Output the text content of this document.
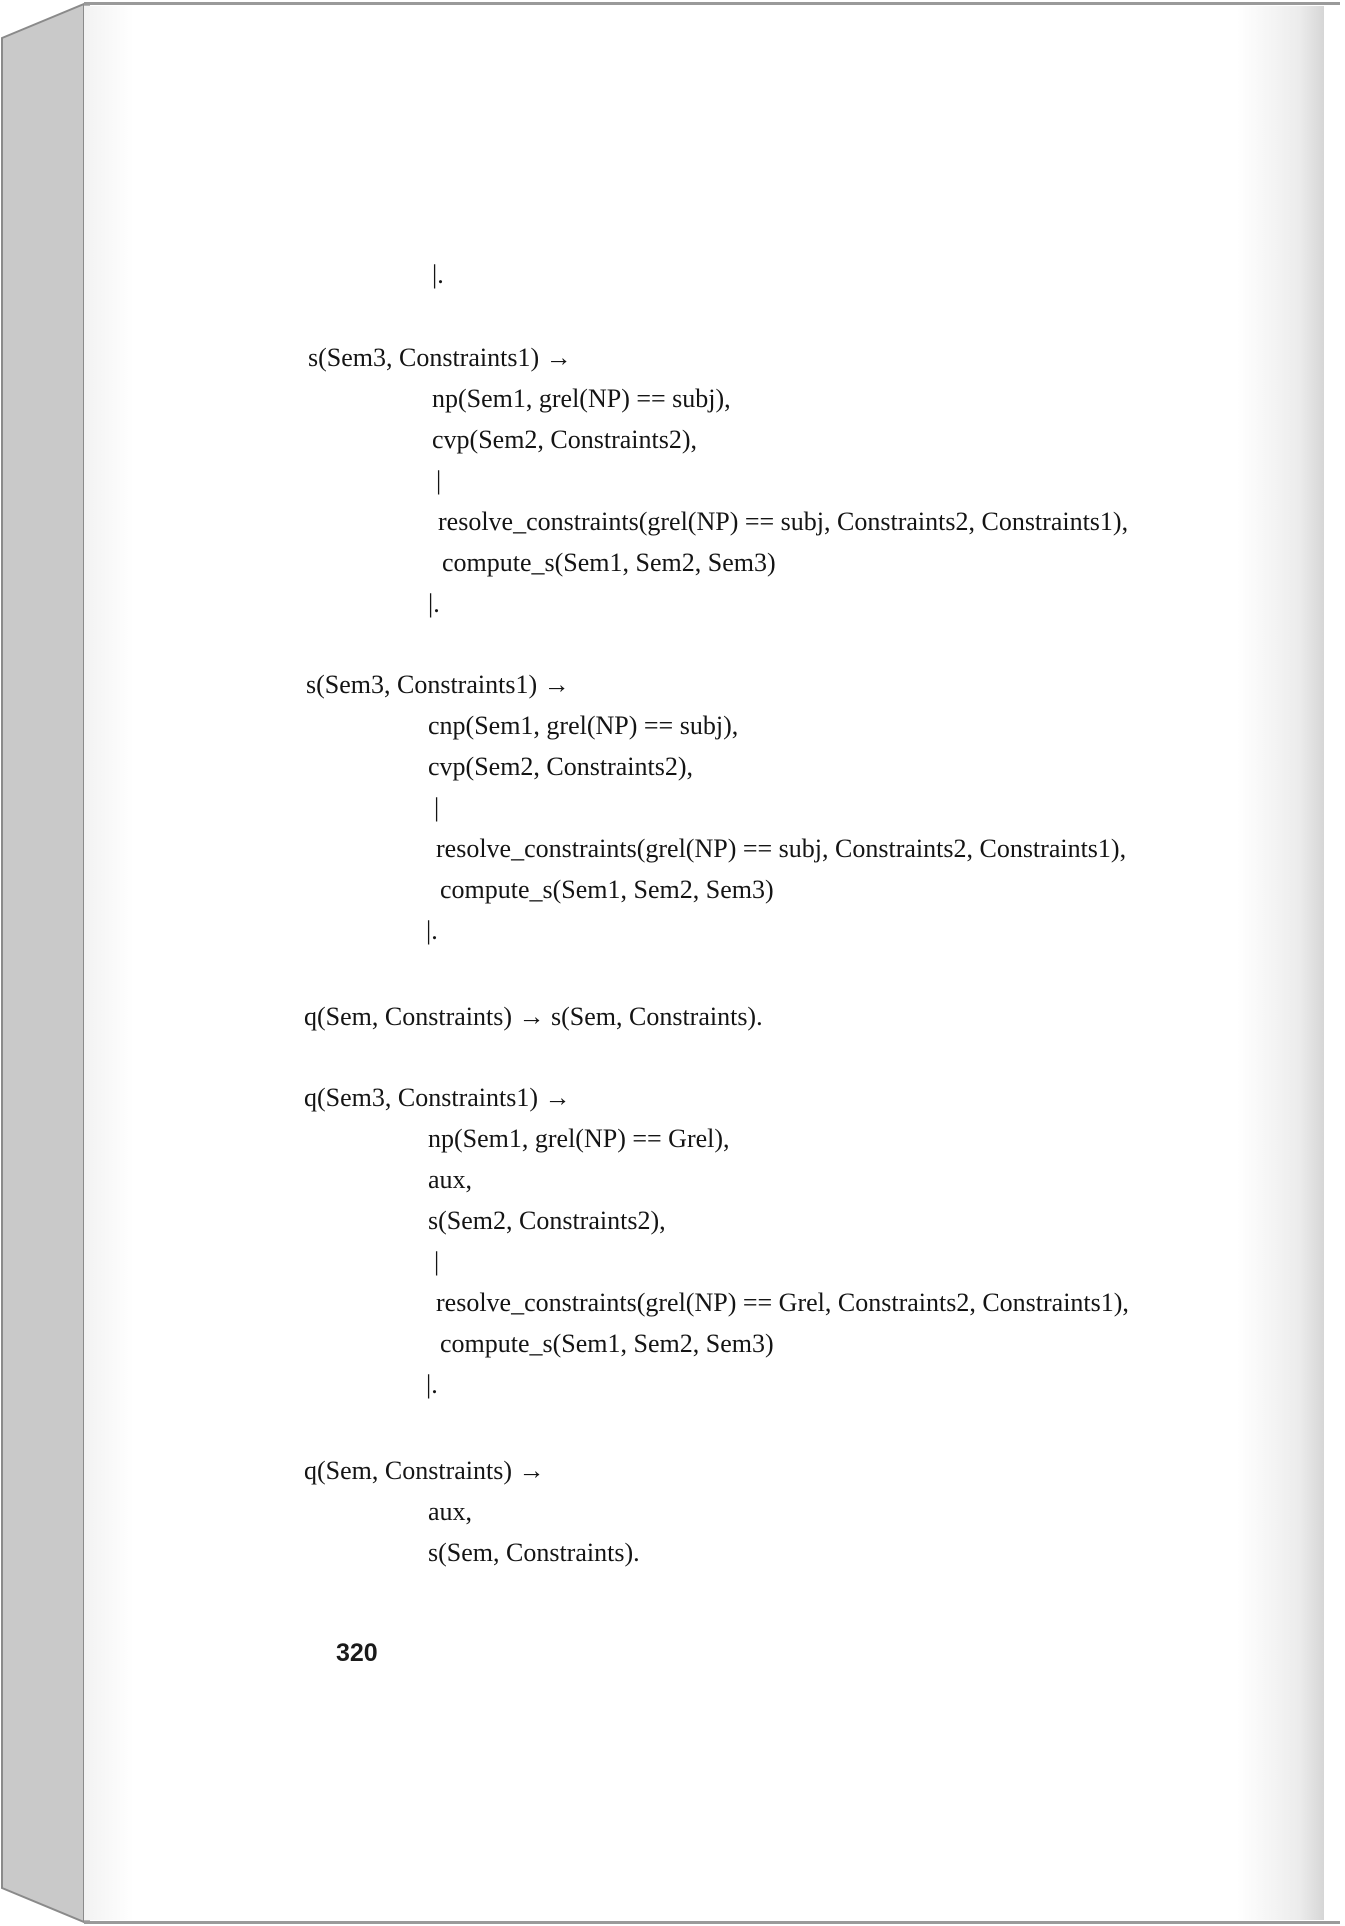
|.
s(Sem3, Constraints1) →
np(Sem1, grel(NP) == subj),
cvp(Sem2, Constraints2),
|
resolve_constraints(grel(NP) == subj, Constraints2, Constraints1),
compute_s(Sem1, Sem2, Sem3)
|.
s(Sem3, Constraints1) →
cnp(Sem1, grel(NP) == subj),
cvp(Sem2, Constraints2),
|
resolve_constraints(grel(NP) == subj, Constraints2, Constraints1),
compute_s(Sem1, Sem2, Sem3)
|.
q(Sem, Constraints) → s(Sem, Constraints).
q(Sem3, Constraints1) →
np(Sem1, grel(NP) == Grel),
aux,
s(Sem2, Constraints2),
|
resolve_constraints(grel(NP) == Grel, Constraints2, Constraints1),
compute_s(Sem1, Sem2, Sem3)
|.
q(Sem, Constraints) →
aux,
s(Sem, Constraints).
320
